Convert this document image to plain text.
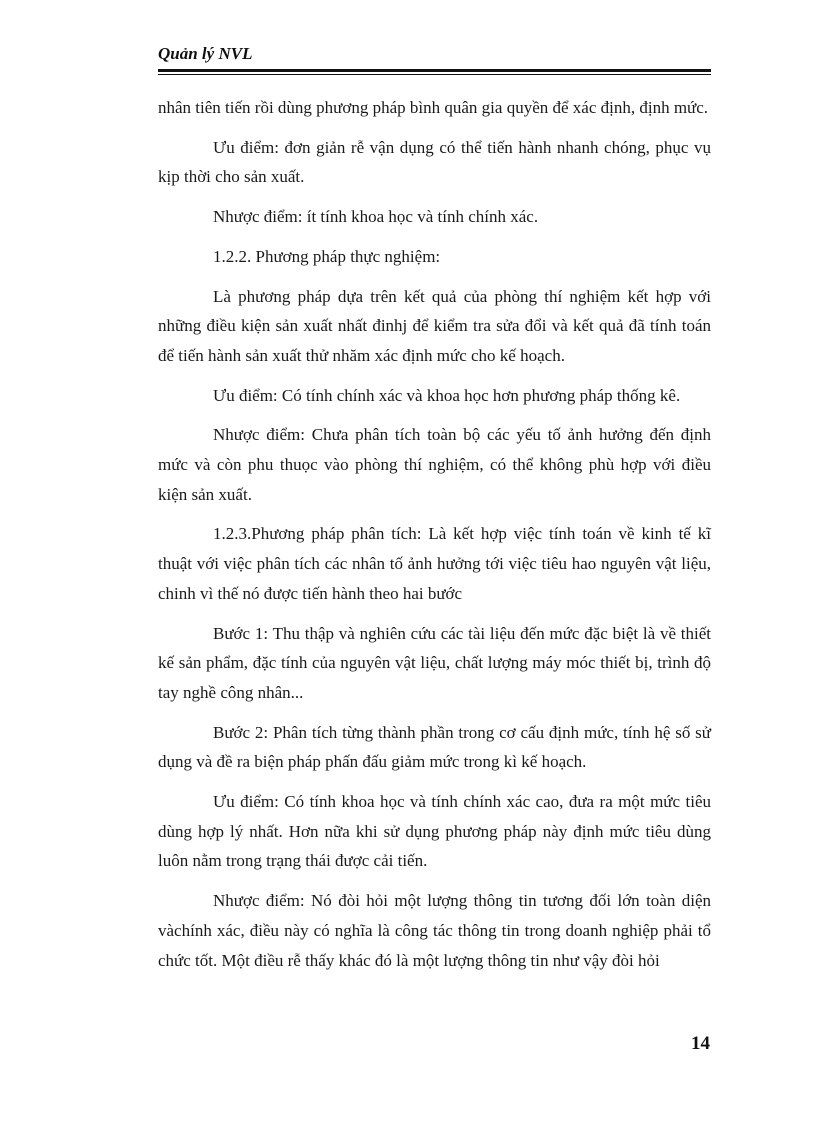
Quản lý NVL

nhân tiên tiến rồi dùng phương pháp bình quân gia quyền để xác định, định mức.

Ưu điểm: đơn giản rễ vận dụng có thể tiến hành nhanh chóng, phục vụ kịp thời cho sản xuất.

Nhược điểm: ít tính khoa học và tính chính xác.

1.2.2. Phương pháp thực nghiệm:

Là phương pháp dựa trên kết quả của phòng thí nghiệm kết hợp với những điều kiện sản xuất nhất đinhj để kiểm tra sửa đổi và kết quả đã tính toán để tiến hành sản xuất thử nhăm xác định mức cho kế hoạch.

Ưu điểm: Có tính chính xác và khoa học hơn phương pháp thống kê.

Nhược điểm: Chưa phân tích toàn bộ các yếu tố ảnh hưởng đến định mức và còn phu thuọc vào phòng thí nghiệm, có thể không phù hợp với điều kiện sản xuất.

1.2.3.Phương pháp phân tích: Là kết hợp việc tính toán về kinh tế kĩ thuật với việc phân tích các nhân tố ảnh hưởng tới việc tiêu hao nguyên vật liệu, chinh vì thế nó được tiến hành theo hai bước

Bước 1: Thu thập và nghiên cứu các tài liệu đến mức đặc biệt là về thiết kế sản phẩm, đặc tính của nguyên vật liệu, chất lượng máy móc thiết bị, trình độ tay nghề công nhân...

Bước 2: Phân tích từng thành phần trong cơ cấu định mức, tính hệ số sử dụng và đề ra biện pháp phấn đấu giảm mức trong kì kế hoạch.

Ưu điểm: Có tính khoa học và tính chính xác cao, đưa ra một mức tiêu dùng hợp lý nhất. Hơn nữa khi sử dụng phương pháp này định mức tiêu dùng luôn nằm trong trạng thái được cải tiến.

Nhược điểm: Nó đòi hỏi một lượng thông tin tương đối lớn toàn diện vàchính xác, điều này có nghĩa là công tác thông tin trong doanh nghiệp phải tổ chức tốt. Một điều rễ thấy khác đó là một lượng thông tin như vậy đòi hỏi

14
